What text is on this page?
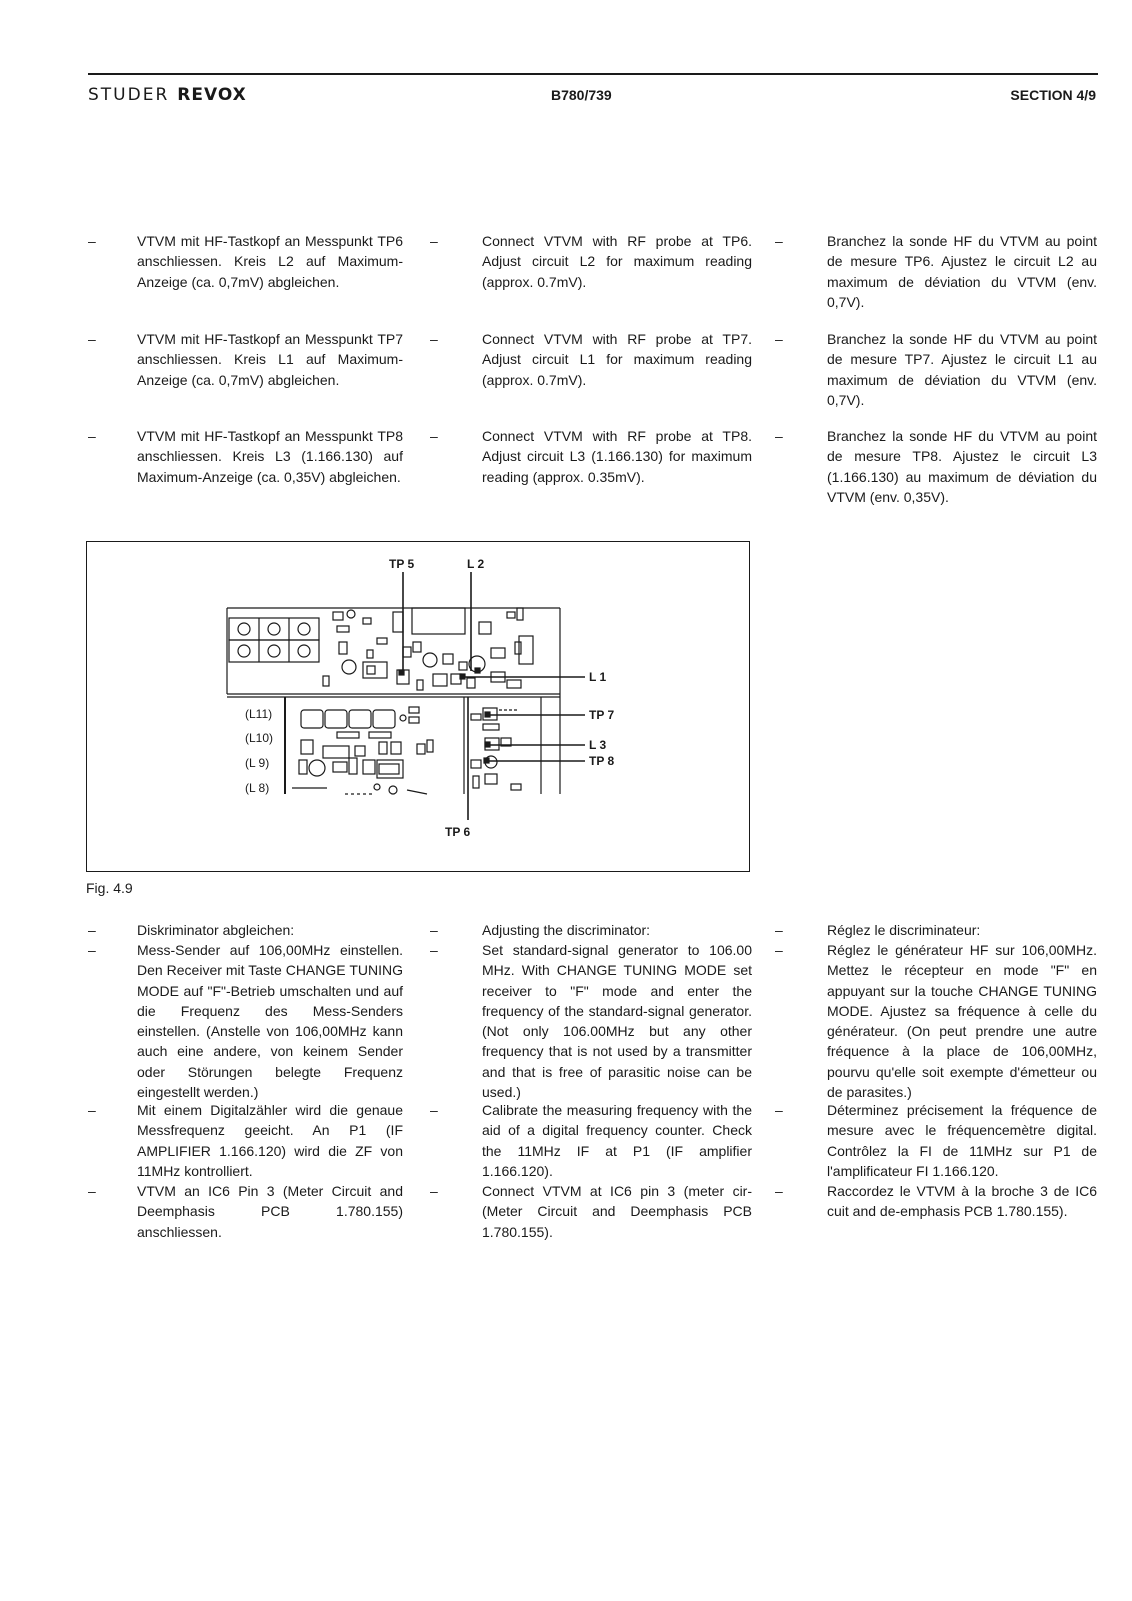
STUDER REVOX	B780/739	SECTION 4/9
–	VTVM mit HF-Tastkopf an Messpunkt TP6 anschliessen. Kreis L2 auf Maximum-Anzeige (ca. 0,7mV) abgleichen.
–	Connect VTVM with RF probe at TP6. Adjust circuit L2 for maximum reading (approx. 0.7mV).
–	Branchez la sonde HF du VTVM au point de mesure TP6. Ajustez le circuit L2 au maximum de déviation du VTVM (env. 0,7V).
–	VTVM mit HF-Tastkopf an Messpunkt TP7 anschliessen. Kreis L1 auf Maximum-Anzeige (ca. 0,7mV) abgleichen.
–	Connect VTVM with RF probe at TP7. Adjust circuit L1 for maximum reading (approx. 0.7mV).
–	Branchez la sonde HF du VTVM au point de mesure TP7. Ajustez le circuit L1 au maximum de déviation du VTVM (env. 0,7V).
–	VTVM mit HF-Tastkopf an Messpunkt TP8 anschliessen. Kreis L3 (1.166.130) auf Maximum-Anzeige (ca. 0,35V) abgleichen.
–	Connect VTVM with RF probe at TP8. Adjust circuit L3 (1.166.130) for maximum reading (approx. 0.35mV).
–	Branchez la sonde HF du VTVM au point de mesure TP8. Ajustez le circuit L3 (1.166.130) au maximum de déviation du VTVM (env. 0,35V).
TP 5	L 2
L 1
TP 7
L 3
TP 8
TP 6
(L11)
(L10)
(L 9)
(L 8)
Fig. 4.9
–	Diskriminator abgleichen:
–	Mess-Sender auf 106,00MHz einstellen. Den Receiver mit Taste CHANGE TUNING MODE auf "F"-Betrieb umschalten und auf die Frequenz des Mess-Senders einstellen. (Anstelle von 106,00MHz kann auch eine andere, von keinem Sender oder Störungen belegte Frequenz eingestellt werden.)
–	Mit einem Digitalzähler wird die genaue Messfrequenz geeicht. An P1 (IF AMPLIFIER 1.166.120) wird die ZF von 11MHz kontrolliert.
–	VTVM an IC6 Pin 3 (Meter Circuit and Deemphasis PCB 1.780.155) anschliessen.
–	Adjusting the discriminator:
–	Set standard-signal generator to 106.00 MHz. With CHANGE TUNING MODE set receiver to "F" mode and enter the frequency of the standard-signal generator. (Not only 106.00MHz but any other frequency that is not used by a transmitter and that is free of parasitic noise can be used.)
–	Calibrate the measuring frequency with the aid of a digital frequency counter. Check the 11MHz IF at P1 (IF amplifier 1.166.120).
–	Connect VTVM at IC6 pin 3 (meter cir- (Meter Circuit and Deemphasis PCB 1.780.155).
–	Réglez le discriminateur:
–	Réglez le générateur HF sur 106,00MHz. Mettez le récepteur en mode "F" en appuyant sur la touche CHANGE TUNING MODE. Ajustez sa fréquence à celle du générateur. (On peut prendre une autre fréquence à la place de 106,00MHz, pourvu qu'elle soit exempte d'émetteur ou de parasites.)
–	Déterminez précisement la fréquence de mesure avec le fréquencemètre digital. Contrôlez la FI de 11MHz sur P1 de l'amplificateur FI 1.166.120.
–	Raccordez le VTVM à la broche 3 de IC6 cuit and de-emphasis PCB 1.780.155).
